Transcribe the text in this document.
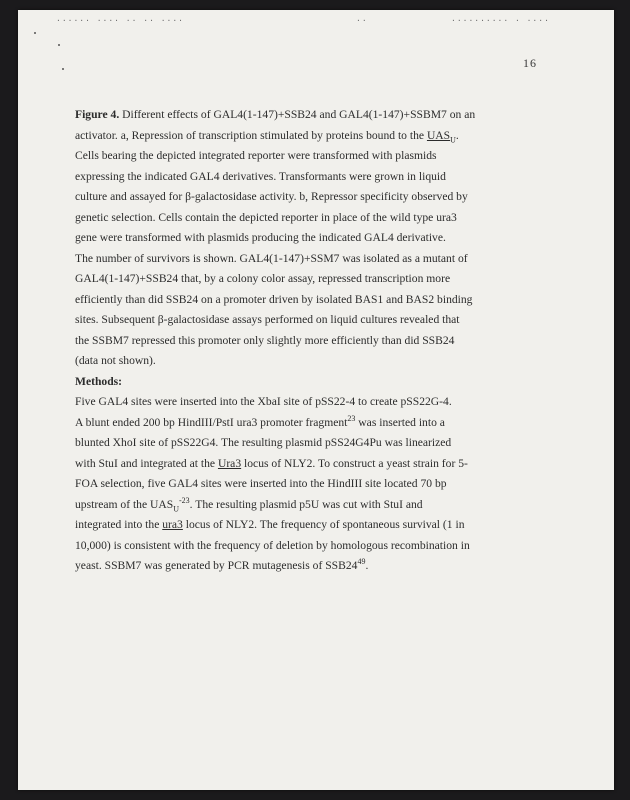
...... .... .. .. ....	..	.......... . ....
16
Figure 4. Different effects of GAL4(1-147)+SSB24 and GAL4(1-147)+SSBM7 on an
activator. a, Repression of transcription stimulated by proteins bound to the $UAS_U$.
Cells bearing the depicted integrated reporter were transformed with plasmids
expressing the indicated GAL4 derivatives. Transformants were grown in liquid
culture and assayed for β-galactosidase activity. b, Repressor specificity observed by
genetic selection. Cells contain the depicted reporter in place of the wild type ura3
gene were transformed with plasmids producing the indicated GAL4 derivative.
The number of survivors is shown. GAL4(1-147)+SSM7 was isolated as a mutant of
GAL4(1-147)+SSB24 that, by a colony color assay, repressed transcription more
efficiently than did SSB24 on a promoter driven by isolated BAS1 and BAS2 binding
sites. Subsequent β-galactosidase assays performed on liquid cultures revealed that
the SSBM7 repressed this promoter only slightly more efficiently than did SSB24
(data not shown).
Methods:
Five GAL4 sites were inserted into the XbaI site of pSS22-4 to create pSS22G-4.
A blunt ended 200 bp HindIII/PstI ura3 promoter fragment$^{23}$ was inserted into a
blunted XhoI site of pSS22G4. The resulting plasmid pSS24G4Pu was linearized
with StuI and integrated at the Ura3 locus of NLY2. To construct a yeast strain for 5-
FOA selection, five GAL4 sites were inserted into the HindIII site located 70 bp
upstream of the $UAS_U^{-23}$. The resulting plasmid p5U was cut with StuI and
integrated into the ura3 locus of NLY2. The frequency of spontaneous survival (1 in
10,000) is consistent with the frequency of deletion by homologous recombination in
yeast. SSBM7 was generated by PCR mutagenesis of $SSB24^{49}$.
